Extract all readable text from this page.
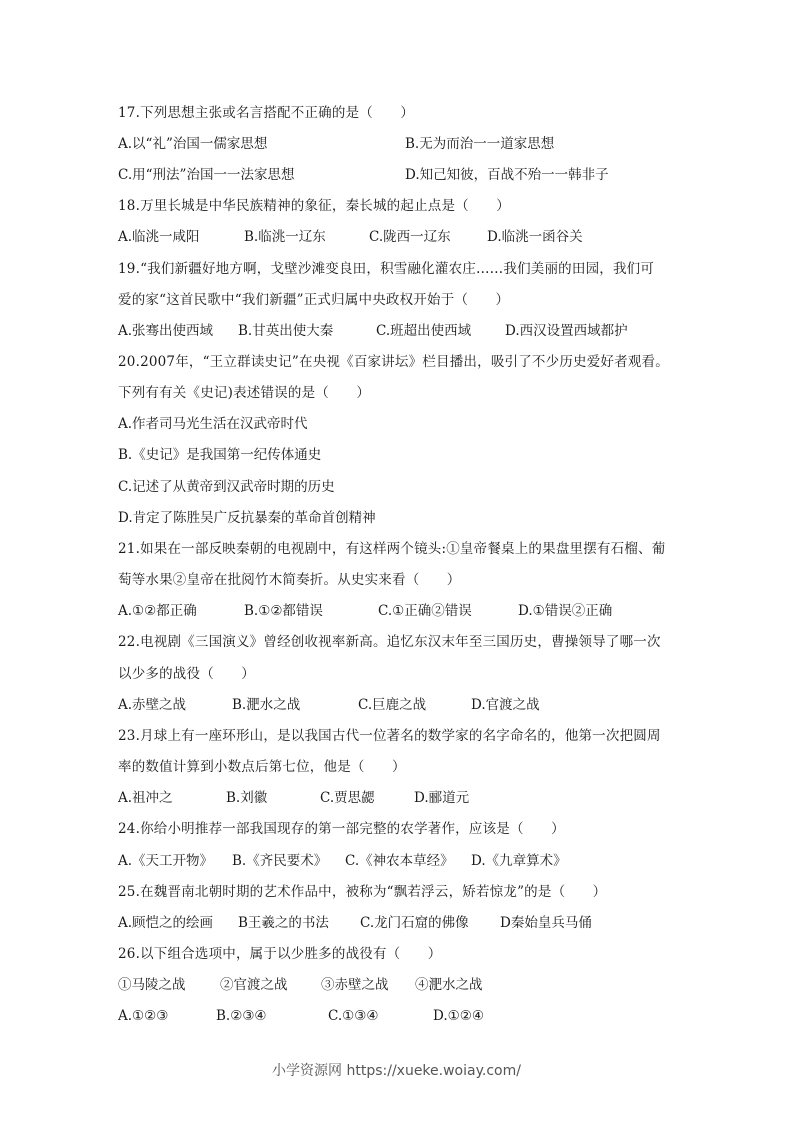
17.下列思想主张或名言搭配不正确的是（　　）
A.以“礼”治国一儒家思想	B.无为而治一一道家思想
C.用“刑法”治国一一法家思想	D.知己知彼，百战不殆一一韩非子
18.万里长城是中华民族精神的象征，秦长城的起止点是（　　）
A.临洮一咸阳	B.临洮一辽东	C.陇西一辽东	D.临洮一函谷关
19.“我们新疆好地方啊，戈壁沙滩变良田，积雪融化灌农庄……我们美丽的田园，我们可
爱的家“这首民歌中“我们新疆”正式归属中央政权开始于（　　）
A.张骞出使西域 B.甘英出使大秦	C.班超出使西域	D.西汉设置西域都护
20.2007年，“王立群读史记”在央视《百家讲坛》栏目播出，吸引了不少历史爱好者观看。
下列有有关《史记)表述错误的是（　　）
A.作者司马光生活在汉武帝时代
B.《史记》是我国第一纪传体通史
C.记述了从黄帝到汉武帝时期的历史
D.肯定了陈胜吴广反抗暴秦的革命首创精神
21.如果在一部反映秦朝的电视剧中，有这样两个镜头:①皇帝餐桌上的果盘里摆有石榴、葡
萄等水果②皇帝在批阅竹木简奏折。从史实来看（　　）
A.①②都正确	B.①②都错误	C.①正确②错误	D.①错误②正确
22.电视剧《三国演义》曾经创收视率新高。追忆东汉末年至三国历史，曹操领导了哪一次
以少多的战役（　　）
A.赤壁之战	B.淝水之战	C.巨鹿之战	D.官渡之战
23.月球上有一座环形山，是以我国古代一位著名的数学家的名字命名的，他第一次把圆周
率的数值计算到小数点后第七位，他是（　　）
A.祖冲之	B.刘徽	C.贾思勰	D.郦道元
24.你给小明推荐一部我国现存的第一部完整的农学著作，应该是（　　）
A.《天工开物》 B.《齐民要术》 C.《神农本草经》 D.《九章算术》
25.在魏晋南北朝时期的艺术作品中，被称为“飘若浮云，矫若惊龙”的是（　　）
A.顾恺之的绘画 B王羲之的书法 C.龙门石窟的佛像 D秦始皇兵马俑
26.以下组合选项中，属于以少胜多的战役有（　　）
①马陵之战	②官渡之战 ③赤壁之战 ④淝水之战
A.①②③	B.②③④	C.①③④	D.①②④
小学资源网 https://xueke.woiay.com/
